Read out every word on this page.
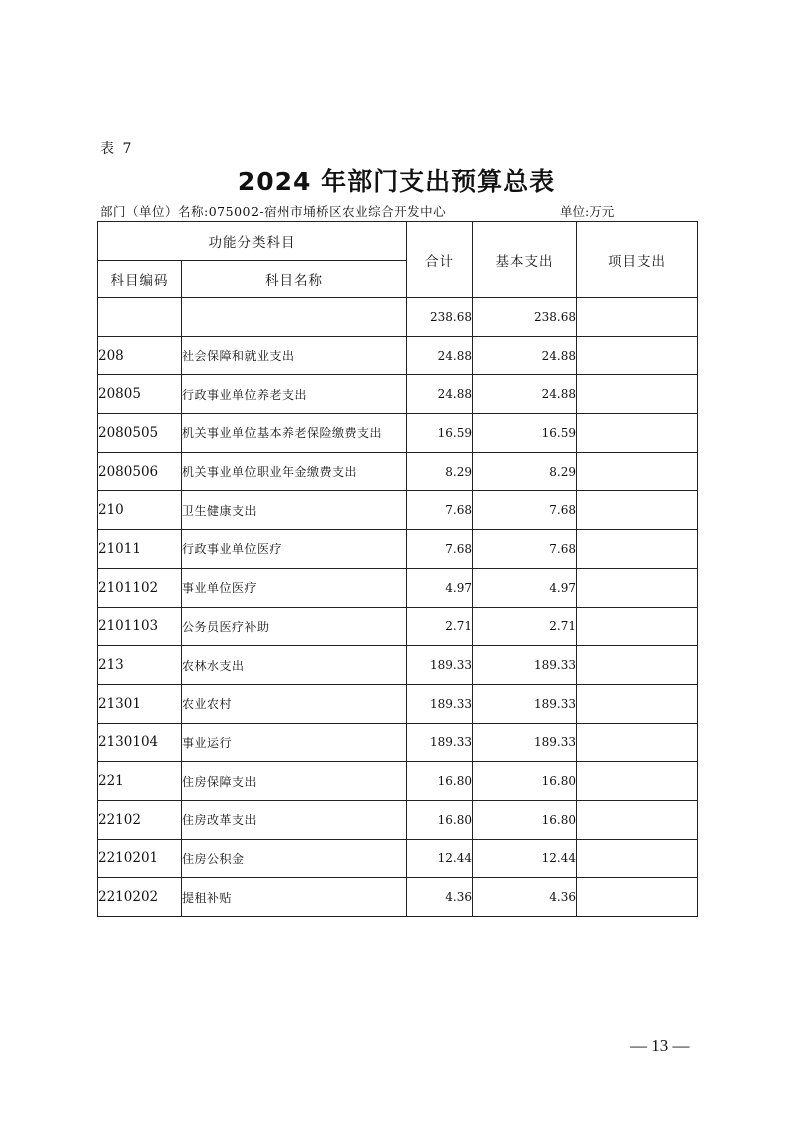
表 7
2024 年部门支出预算总表
部门（单位）名称:075002-宿州市埇桥区农业综合开发中心	单位:万元
功能分类科目		合计	基本支出	项目支出
科目编码	科目名称			
		238.68	238.68	
208	社会保障和就业支出	24.88	24.88	
20805	行政事业单位养老支出	24.88	24.88	
2080505	机关事业单位基本养老保险缴费支出	16.59	16.59	
2080506	机关事业单位职业年金缴费支出	8.29	8.29	
210	卫生健康支出	7.68	7.68	
21011	行政事业单位医疗	7.68	7.68	
2101102	事业单位医疗	4.97	4.97	
2101103	公务员医疗补助	2.71	2.71	
213	农林水支出	189.33	189.33	
21301	农业农村	189.33	189.33	
2130104	事业运行	189.33	189.33	
221	住房保障支出	16.80	16.80	
22102	住房改革支出	16.80	16.80	
2210201	住房公积金	12.44	12.44	
2210202	提租补贴	4.36	4.36	
— 13 —
